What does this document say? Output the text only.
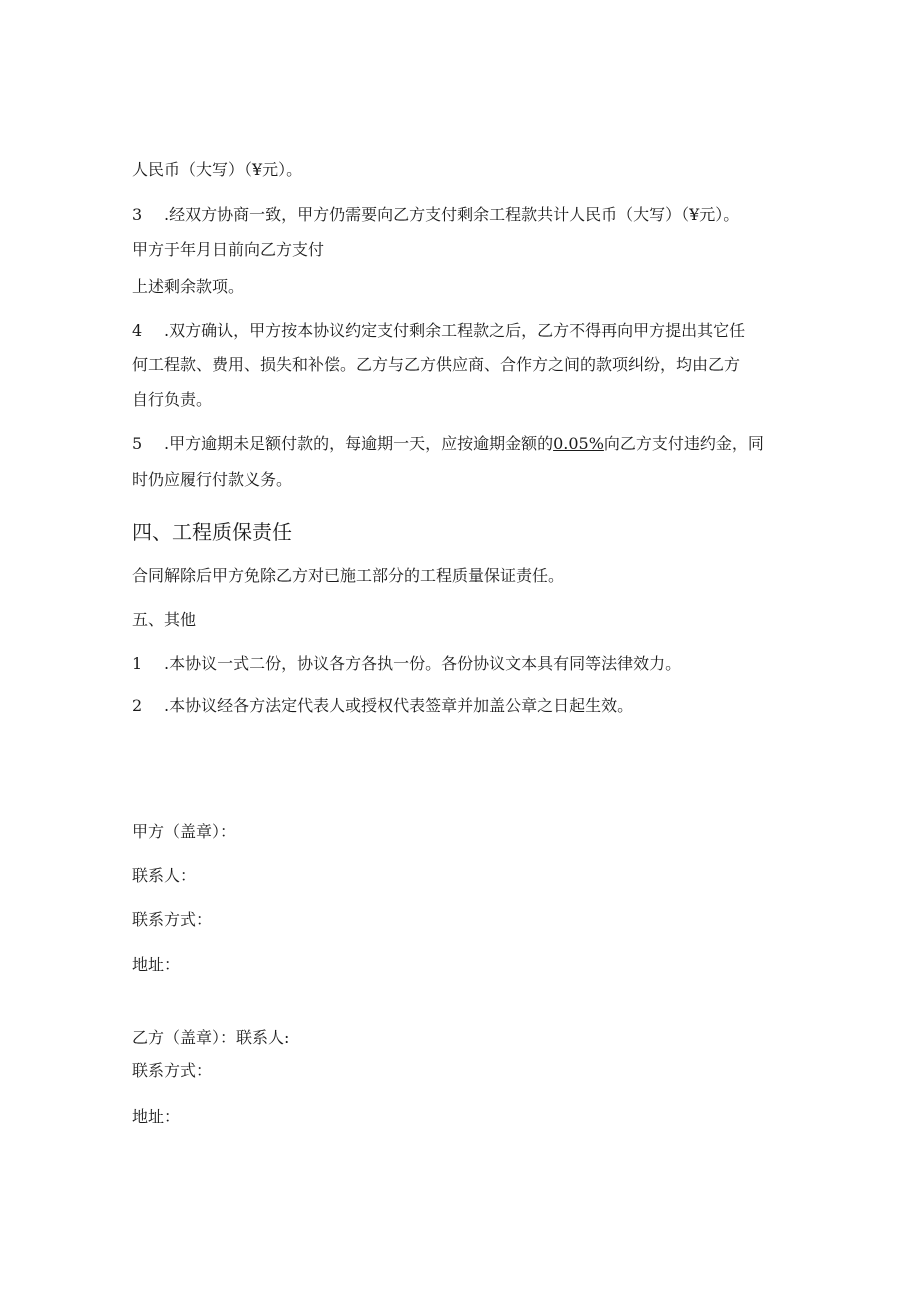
人民币（大写）（¥元）。
3 .经双方协商一致，甲方仍需要向乙方支付剩余工程款共计人民币（大写）（¥元）。
甲方于年月日前向乙方支付
上述剩余款项。
4 .双方确认，甲方按本协议约定支付剩余工程款之后，乙方不得再向甲方提出其它任
何工程款、费用、损失和补偿。乙方与乙方供应商、合作方之间的款项纠纷，均由乙方
自行负责。
5 .甲方逾期未足额付款的，每逾期一天，应按逾期金额的0.05%向乙方支付违约金，同
时仍应履行付款义务。
四、工程质保责任
合同解除后甲方免除乙方对已施工部分的工程质量保证责任。
五、其他
1 .本协议一式二份，协议各方各执一份。各份协议文本具有同等法律效力。
2 .本协议经各方法定代表人或授权代表签章并加盖公章之日起生效。
甲方（盖章）：
联系人：
联系方式：
地址：
乙方（盖章）：联系人:
联系方式：
地址：
